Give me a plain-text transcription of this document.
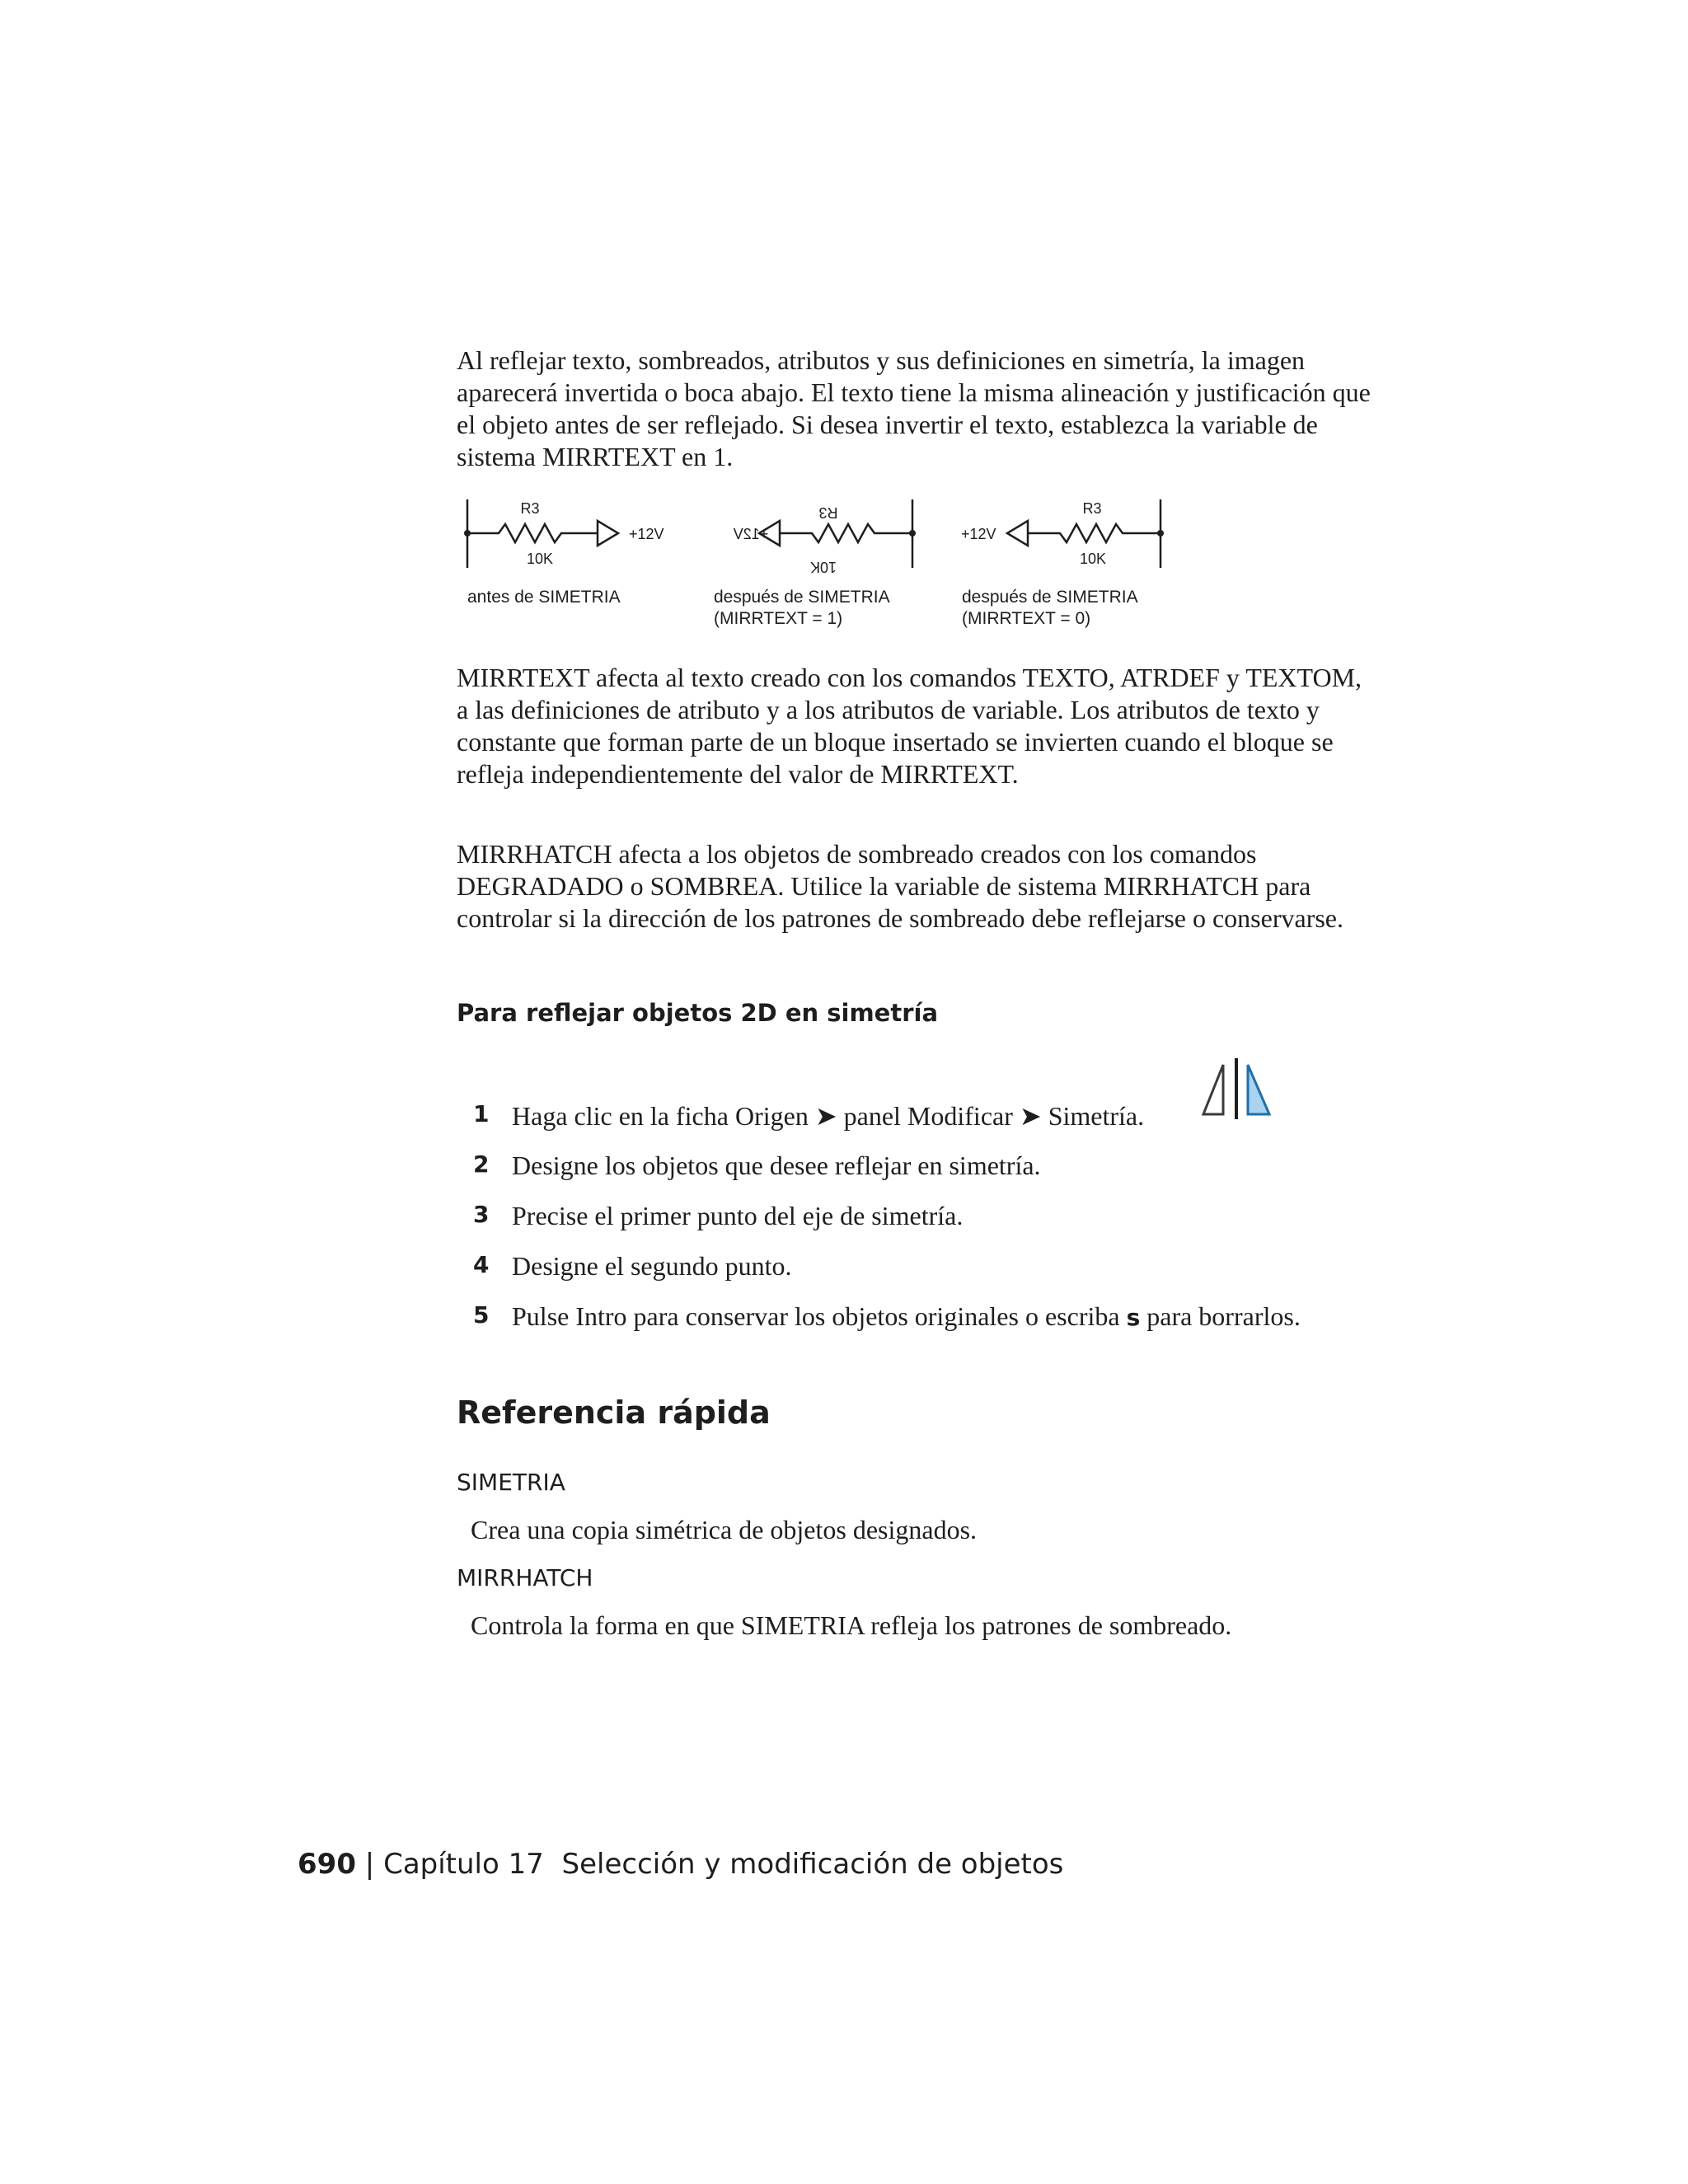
Al reflejar texto, sombreados, atributos y sus definiciones en simetría, la imagen aparecerá invertida o boca abajo. El texto tiene la misma alineación y justificación que el objeto antes de ser reflejado. Si desea invertir el texto, establezca la variable de sistema MIRRTEXT en 1.

R3
+12V
10K
R3
+12V
10K
R3
+12V
10K
antes de SIMETRIA	después de SIMETRIA
(MIRRTEXT = 1)
después de SIMETRIA
(MIRRTEXT = 0)

MIRRTEXT afecta al texto creado con los comandos TEXTO, ATRDEF y TEXTOM, a las definiciones de atributo y a los atributos de variable. Los atributos de texto y constante que forman parte de un bloque insertado se invierten cuando el bloque se refleja independientemente del valor de MIRRTEXT.

MIRRHATCH afecta a los objetos de sombreado creados con los comandos DEGRADADO o SOMBREA. Utilice la variable de sistema MIRRHATCH para controlar si la dirección de los patrones de sombreado debe reflejarse o conservarse.

Para reflejar objetos 2D en simetría
1 Haga clic en la ficha Origen ➤ panel Modificar ➤ Simetría.
2 Designe los objetos que desee reflejar en simetría.
3 Precise el primer punto del eje de simetría.
4 Designe el segundo punto.
5 Pulse Intro para conservar los objetos originales o escriba s para borrarlos.
Referencia rápida

SIMETRIA

Crea una copia simétrica de objetos designados.

MIRRHATCH

Controla la forma en que SIMETRIA refleja los patrones de sombreado.

690 | Capítulo 17 Selección y modificación de objetos
